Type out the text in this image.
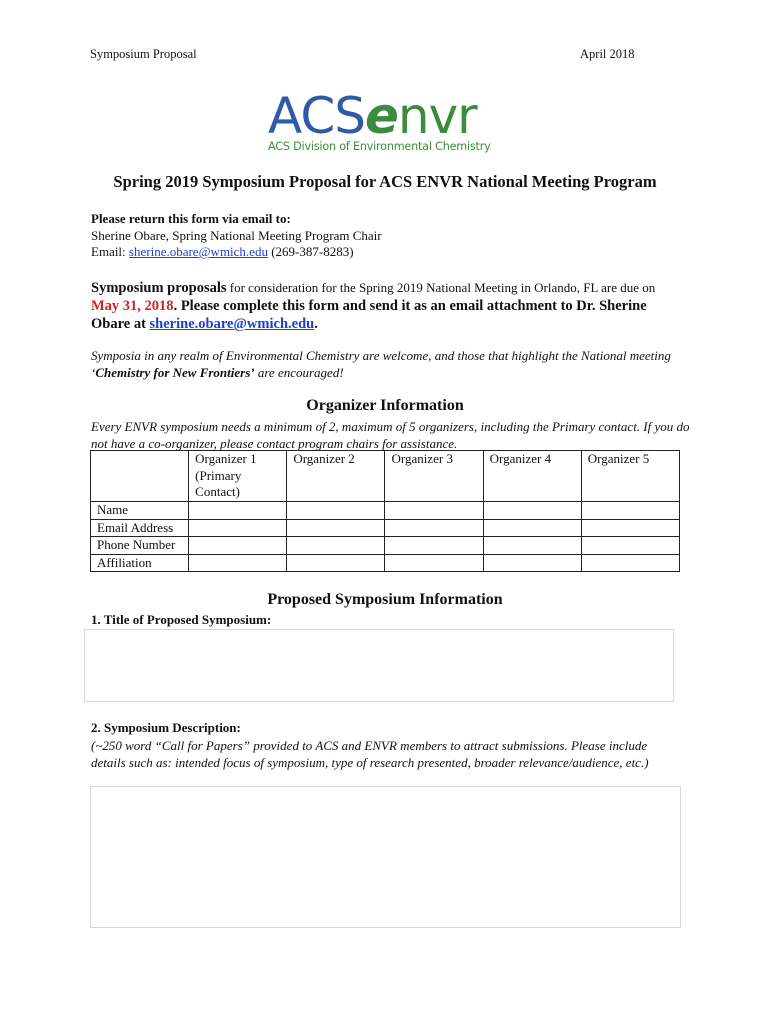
Symposium Proposal	April 2018
ACSenvr
ACS Division of Environmental Chemistry
Spring 2019 Symposium Proposal for ACS ENVR National Meeting Program
Please return this form via email to:
Sherine Obare, Spring National Meeting Program Chair
Email: sherine.obare@wmich.edu (269-387-8283)
Symposium proposals for consideration for the Spring 2019 National Meeting in Orlando, FL are due on May 31, 2018. Please complete this form and send it as an email attachment to Dr. Sherine Obare at sherine.obare@wmich.edu.
Symposia in any realm of Environmental Chemistry are welcome, and those that highlight the National meeting ‘Chemistry for New Frontiers’ are encouraged!
Organizer Information
Every ENVR symposium needs a minimum of 2, maximum of 5 organizers, including the Primary contact. If you do not have a co-organizer, please contact program chairs for assistance.
	Organizer 1 (Primary Contact)	Organizer 2	Organizer 3	Organizer 4	Organizer 5
Name					
Email Address					
Phone Number					
Affiliation					
Proposed Symposium Information
1. Title of Proposed Symposium:
2. Symposium Description:
(~250 word “Call for Papers” provided to ACS and ENVR members to attract submissions. Please include details such as: intended focus of symposium, type of research presented, broader relevance/audience, etc.)
